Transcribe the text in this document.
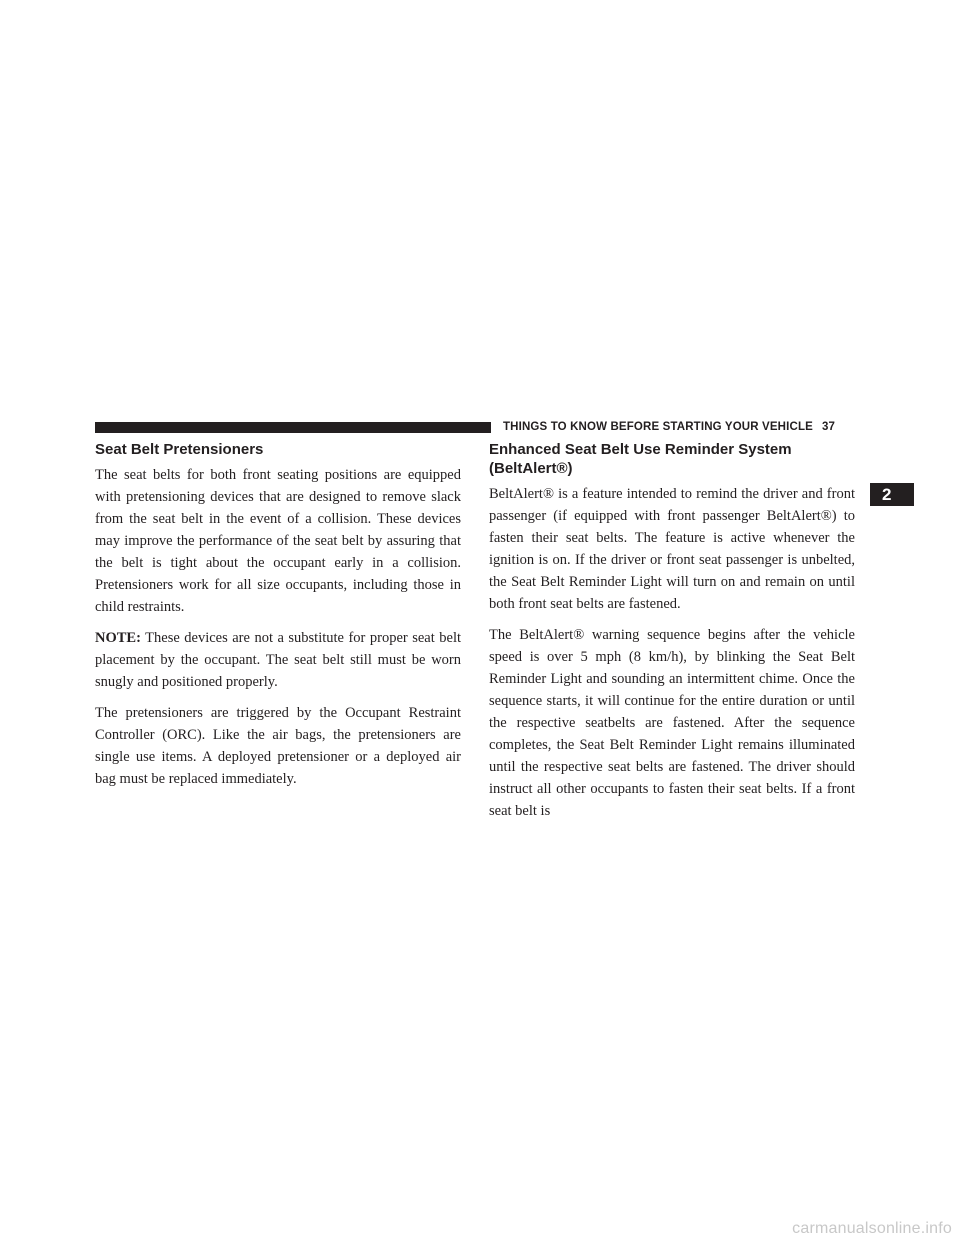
THINGS TO KNOW BEFORE STARTING YOUR VEHICLE 37
2
Seat Belt Pretensioners

The seat belts for both front seating positions are equipped with pretensioning devices that are designed to remove slack from the seat belt in the event of a collision. These devices may improve the performance of the seat belt by assuring that the belt is tight about the occupant early in a collision. Pretensioners work for all size occupants, including those in child restraints.

NOTE: These devices are not a substitute for proper seat belt placement by the occupant. The seat belt still must be worn snugly and positioned properly.

The pretensioners are triggered by the Occupant Restraint Controller (ORC). Like the air bags, the pretensioners are single use items. A deployed pretensioner or a deployed air bag must be replaced immediately.

Enhanced Seat Belt Use Reminder System
(BeltAlert®)

BeltAlert® is a feature intended to remind the driver and front passenger (if equipped with front passenger BeltAlert®) to fasten their seat belts. The feature is active whenever the ignition is on. If the driver or front seat passenger is unbelted, the Seat Belt Reminder Light will turn on and remain on until both front seat belts are fastened.

The BeltAlert® warning sequence begins after the vehicle speed is over 5 mph (8 km/h), by blinking the Seat Belt Reminder Light and sounding an intermittent chime. Once the sequence starts, it will continue for the entire duration or until the respective seatbelts are fastened. After the sequence completes, the Seat Belt Reminder Light remains illuminated until the respective seat belts are fastened. The driver should instruct all other occupants to fasten their seat belts. If a front seat belt is

carmanualsonline.info
